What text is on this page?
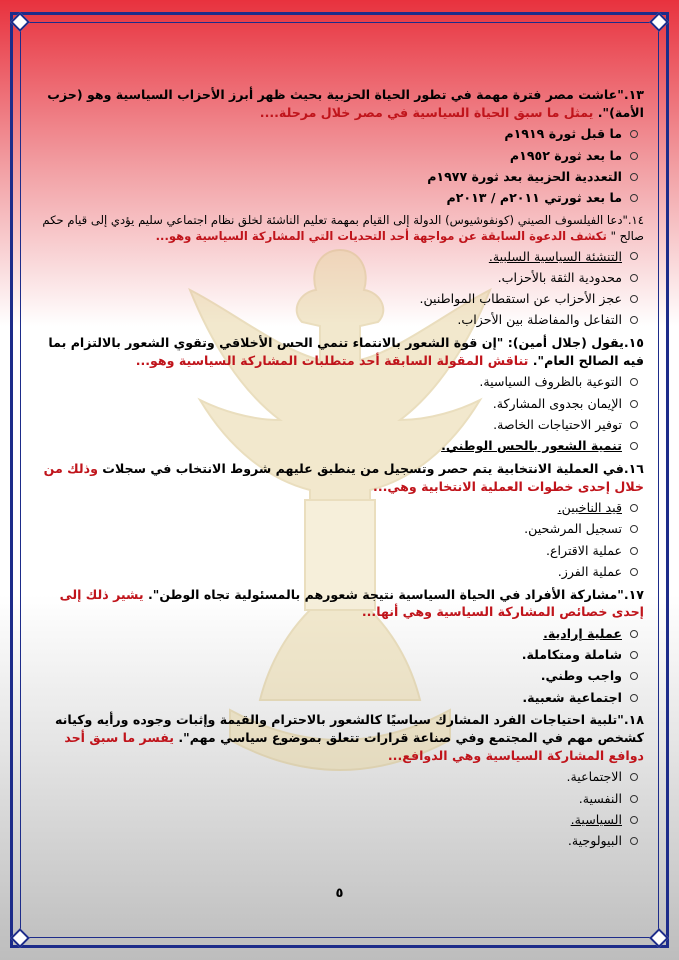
١٣."عاشت مصر فترة مهمة في تطور الحياة الحزبية بحيث ظهر أبرز الأحزاب السياسية وهو (حزب الأمة)". يمثل ما سبق الحياة السياسية في مصر خلال مرحلة....
ما قبل ثورة ١٩١٩م
ما بعد ثورة ١٩٥٢م
التعددية الحزبية بعد ثورة ١٩٧٧م
ما بعد ثورتي ٢٠١١م / ٢٠١٣م
١٤."دعا الفيلسوف الصيني (كونفوشيوس) الدولة إلى القيام بمهمة تعليم الناشئة لخلق نظام اجتماعي سليم يؤدي إلى قيام حكم صالح " تكشف الدعوة السابقة عن مواجهة أحد التحديات التي المشاركة السياسية وهو...
التنشئة السياسية السلبية.
محدودية الثقة بالأحزاب.
عجز الأحزاب عن استقطاب المواطنين.
التفاعل والمفاضلة بين الأحزاب.
١٥.يقول (جلال أمين): "إن قوة الشعور بالانتماء تنمي الحس الأخلاقي وتقوي الشعور بالالتزام بما فيه الصالح العام". تناقش المقولة السابقة أحد متطلبات المشاركة السياسية وهو...
التوعية بالظروف السياسية.
الإيمان بجدوى المشاركة.
توفير الاحتياجات الخاصة.
تنمية الشعور بالحس الوطني.
١٦.في العملية الانتخابية يتم حصر وتسجيل من ينطبق عليهم شروط الانتخاب في سجلات وذلك من خلال إحدى خطوات العملية الانتخابية وهي...
قيد الناخبين.
تسجيل المرشحين.
عملية الاقتراع.
عملية الفرز.
١٧."مشاركة الأفراد في الحياة السياسية نتيجة شعورهم بالمسئولية تجاه الوطن". يشير ذلك إلى إحدى خصائص المشاركة السياسية وهي أنها...
عملية إرادية.
شاملة ومتكاملة.
واجب وطني.
اجتماعية شعبية.
١٨."تلبية احتياجات الفرد المشارك سياسيًا كالشعور بالاحترام والقيمة وإثبات وجوده ورأيه وكيانه كشخص مهم في المجتمع وفي صناعة قرارات تتعلق بموضوع سياسي مهم". يفسر ما سبق أحد دوافع المشاركة السياسية وهي الدوافع...
الاجتماعية.
النفسية.
السياسية.
البيولوجية.
٥
